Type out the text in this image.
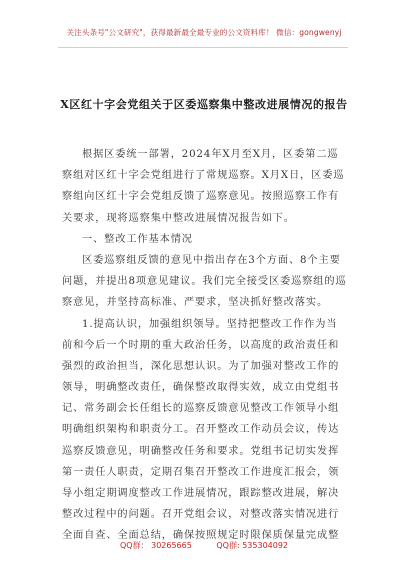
关注头条号"公文研究"，获得最新最全最专业的公文资料库！ 微信：gongwenyj
X区红十字会党组关于区委巡察集中整改进展情况的报告
根据区委统一部署，2024年X月至X月，区委第二巡
察组对区红十字会党组进行了常规巡察。X月X日，区委巡
察组向区红十字会党组反馈了巡察意见。按照巡察工作有
关要求，现将巡察集中整改进展情况报告如下。
一、整改工作基本情况
区委巡察组反馈的意见中指出存在3个方面、8个主要
问题，并提出8项意见建议。我们完全接受区委巡察组的巡
察意见，并坚持高标准、严要求，坚决抓好整改落实。
1.提高认识，加强组织领导。坚持把整改工作作为当
前和今后一个时期的重大政治任务，以高度的政治责任和
强烈的政治担当，深化思想认识。为了加强对整改工作的
领导，明确整改责任，确保整改取得实效，成立由党组书
记、常务副会长任组长的巡察反馈意见整改工作领导小组
明确组织架构和职责分工。召开整改工作动员会议，传达
巡察反馈意见，明确整改任务和要求。党组书记切实发挥
第一责任人职责，定期召集召开整改工作进度汇报会，领
导小组定期调度整改工作进展情况，跟踪整改进展，解决
整改过程中的问题。召开党组会议，对整改落实情况进行
全面自查、全面总结，确保按照规定时限保质保量完成整
QQ群： 30265665	QQ群: 535304092
